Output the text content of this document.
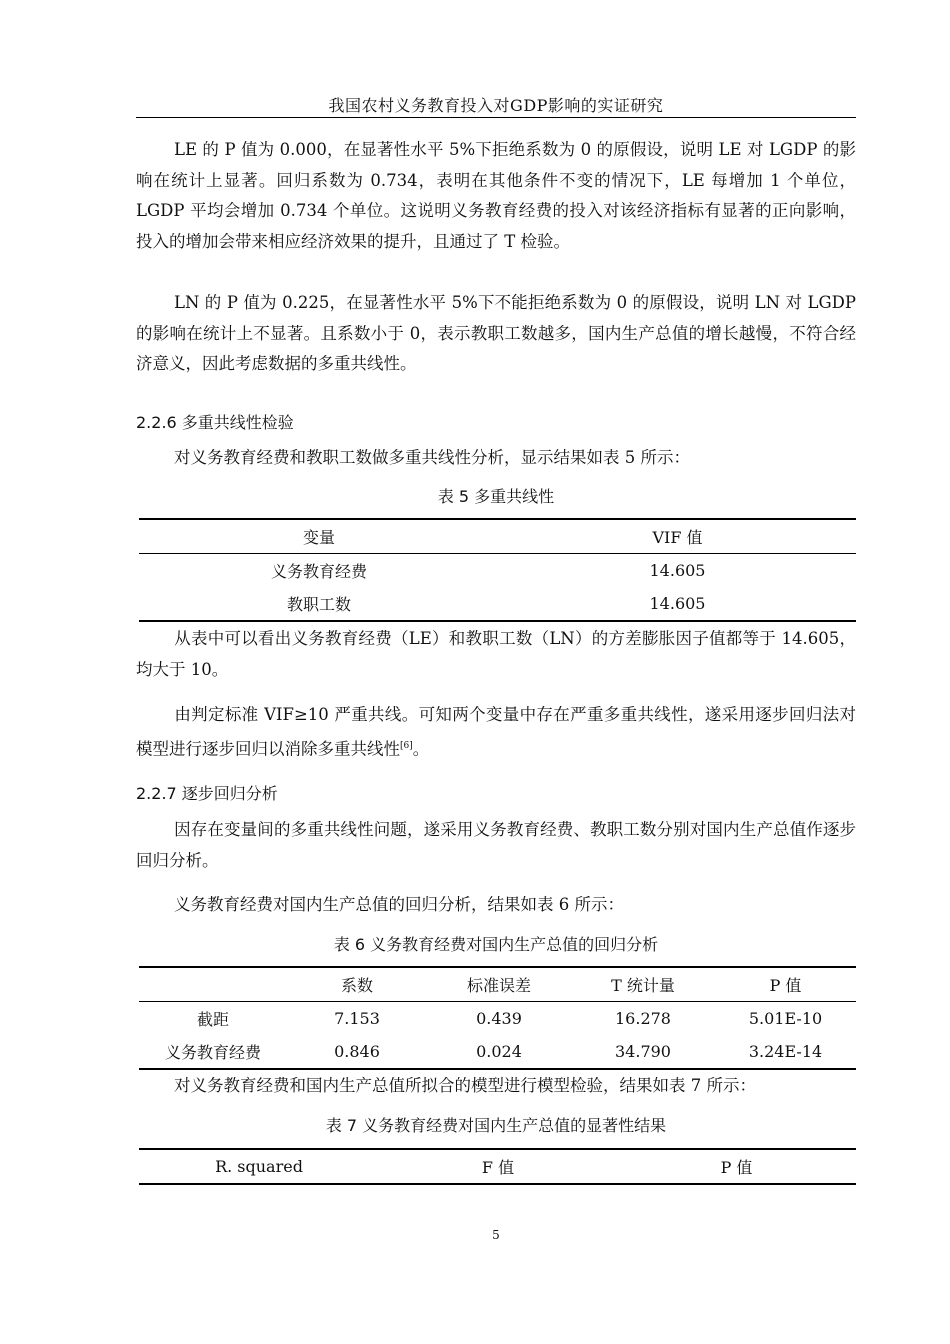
我国农村义务教育投入对GDP影响的实证研究

LE 的 P 值为 0.000，在显著性水平 5%下拒绝系数为 0 的原假设，说明 LE 对 LGDP 的影响在统计上显著。回归系数为 0.734，表明在其他条件不变的情况下，LE 每增加 1 个单位，LGDP 平均会增加 0.734 个单位。这说明义务教育经费的投入对该经济指标有显著的正向影响，投入的增加会带来相应经济效果的提升，且通过了 T 检验。

LN 的 P 值为 0.225，在显著性水平 5%下不能拒绝系数为 0 的原假设，说明 LN 对 LGDP 的影响在统计上不显著。且系数小于 0，表示教职工数越多，国内生产总值的增长越慢，不符合经济意义，因此考虑数据的多重共线性。

2.2.6 多重共线性检验

对义务教育经费和教职工数做多重共线性分析，显示结果如表 5 所示：

表 5 多重共线性
变量	VIF 值
义务教育经费	14.605
教职工数	14.605

从表中可以看出义务教育经费（LE）和教职工数（LN）的方差膨胀因子值都等于 14.605，均大于 10。

由判定标准 VIF≥10 严重共线。可知两个变量中存在严重多重共线性，遂采用逐步回归法对模型进行逐步回归以消除多重共线性[6]。

2.2.7 逐步回归分析

因存在变量间的多重共线性问题，遂采用义务教育经费、教职工数分别对国内生产总值作逐步回归分析。

义务教育经费对国内生产总值的回归分析，结果如表 6 所示：

表 6 义务教育经费对国内生产总值的回归分析
	系数	标准误差	T 统计量	P 值
截距	7.153	0.439	16.278	5.01E-10
义务教育经费	0.846	0.024	34.790	3.24E-14

对义务教育经费和国内生产总值所拟合的模型进行模型检验，结果如表 7 所示：

表 7 义务教育经费对国内生产总值的显著性结果
R. squared	F 值	P 值
5
